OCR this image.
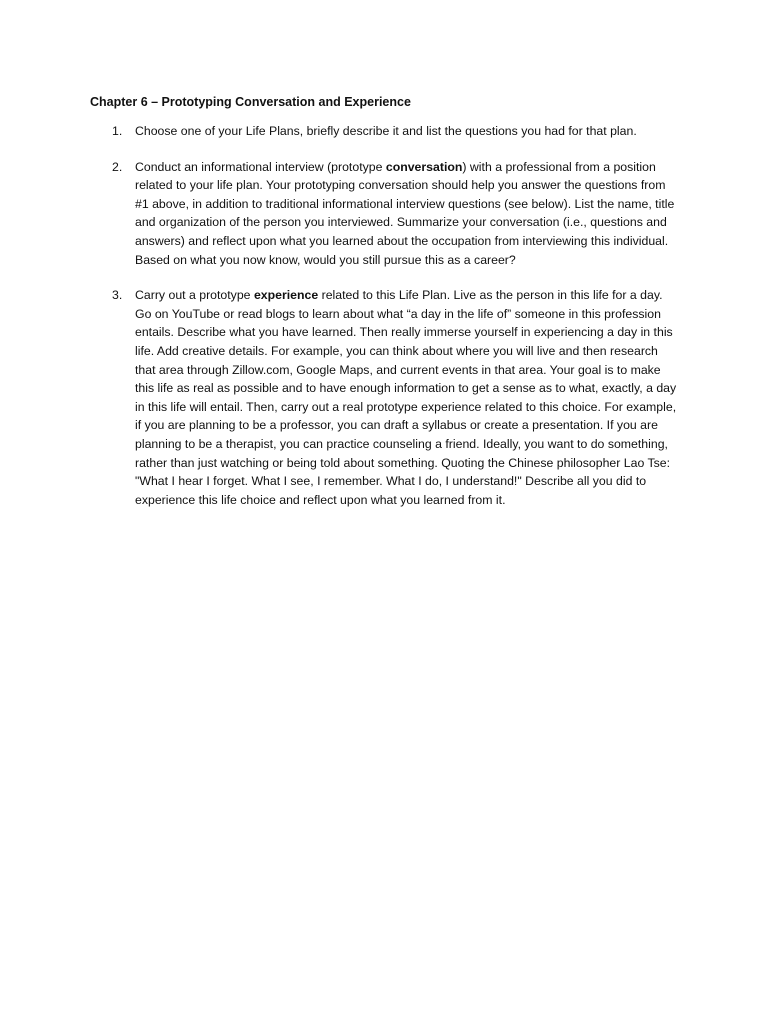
Chapter 6 – Prototyping Conversation and Experience
1. Choose one of your Life Plans, briefly describe it and list the questions you had for that plan.

2. Conduct an informational interview (prototype conversation) with a professional from a position related to your life plan. Your prototyping conversation should help you answer the questions from #1 above, in addition to traditional informational interview questions (see below). List the name, title and organization of the person you interviewed. Summarize your conversation (i.e., questions and answers) and reflect upon what you learned about the occupation from interviewing this individual. Based on what you now know, would you still pursue this as a career?

3. Carry out a prototype experience related to this Life Plan. Live as the person in this life for a day. Go on YouTube or read blogs to learn about what “a day in the life of” someone in this profession entails. Describe what you have learned. Then really immerse yourself in experiencing a day in this life. Add creative details. For example, you can think about where you will live and then research that area through Zillow.com, Google Maps, and current events in that area. Your goal is to make this life as real as possible and to have enough information to get a sense as to what, exactly, a day in this life will entail. Then, carry out a real prototype experience related to this choice. For example, if you are planning to be a professor, you can draft a syllabus or create a presentation. If you are planning to be a therapist, you can practice counseling a friend. Ideally, you want to do something, rather than just watching or being told about something. Quoting the Chinese philosopher Lao Tse: "What I hear I forget. What I see, I remember. What I do, I understand!" Describe all you did to experience this life choice and reflect upon what you learned from it.
